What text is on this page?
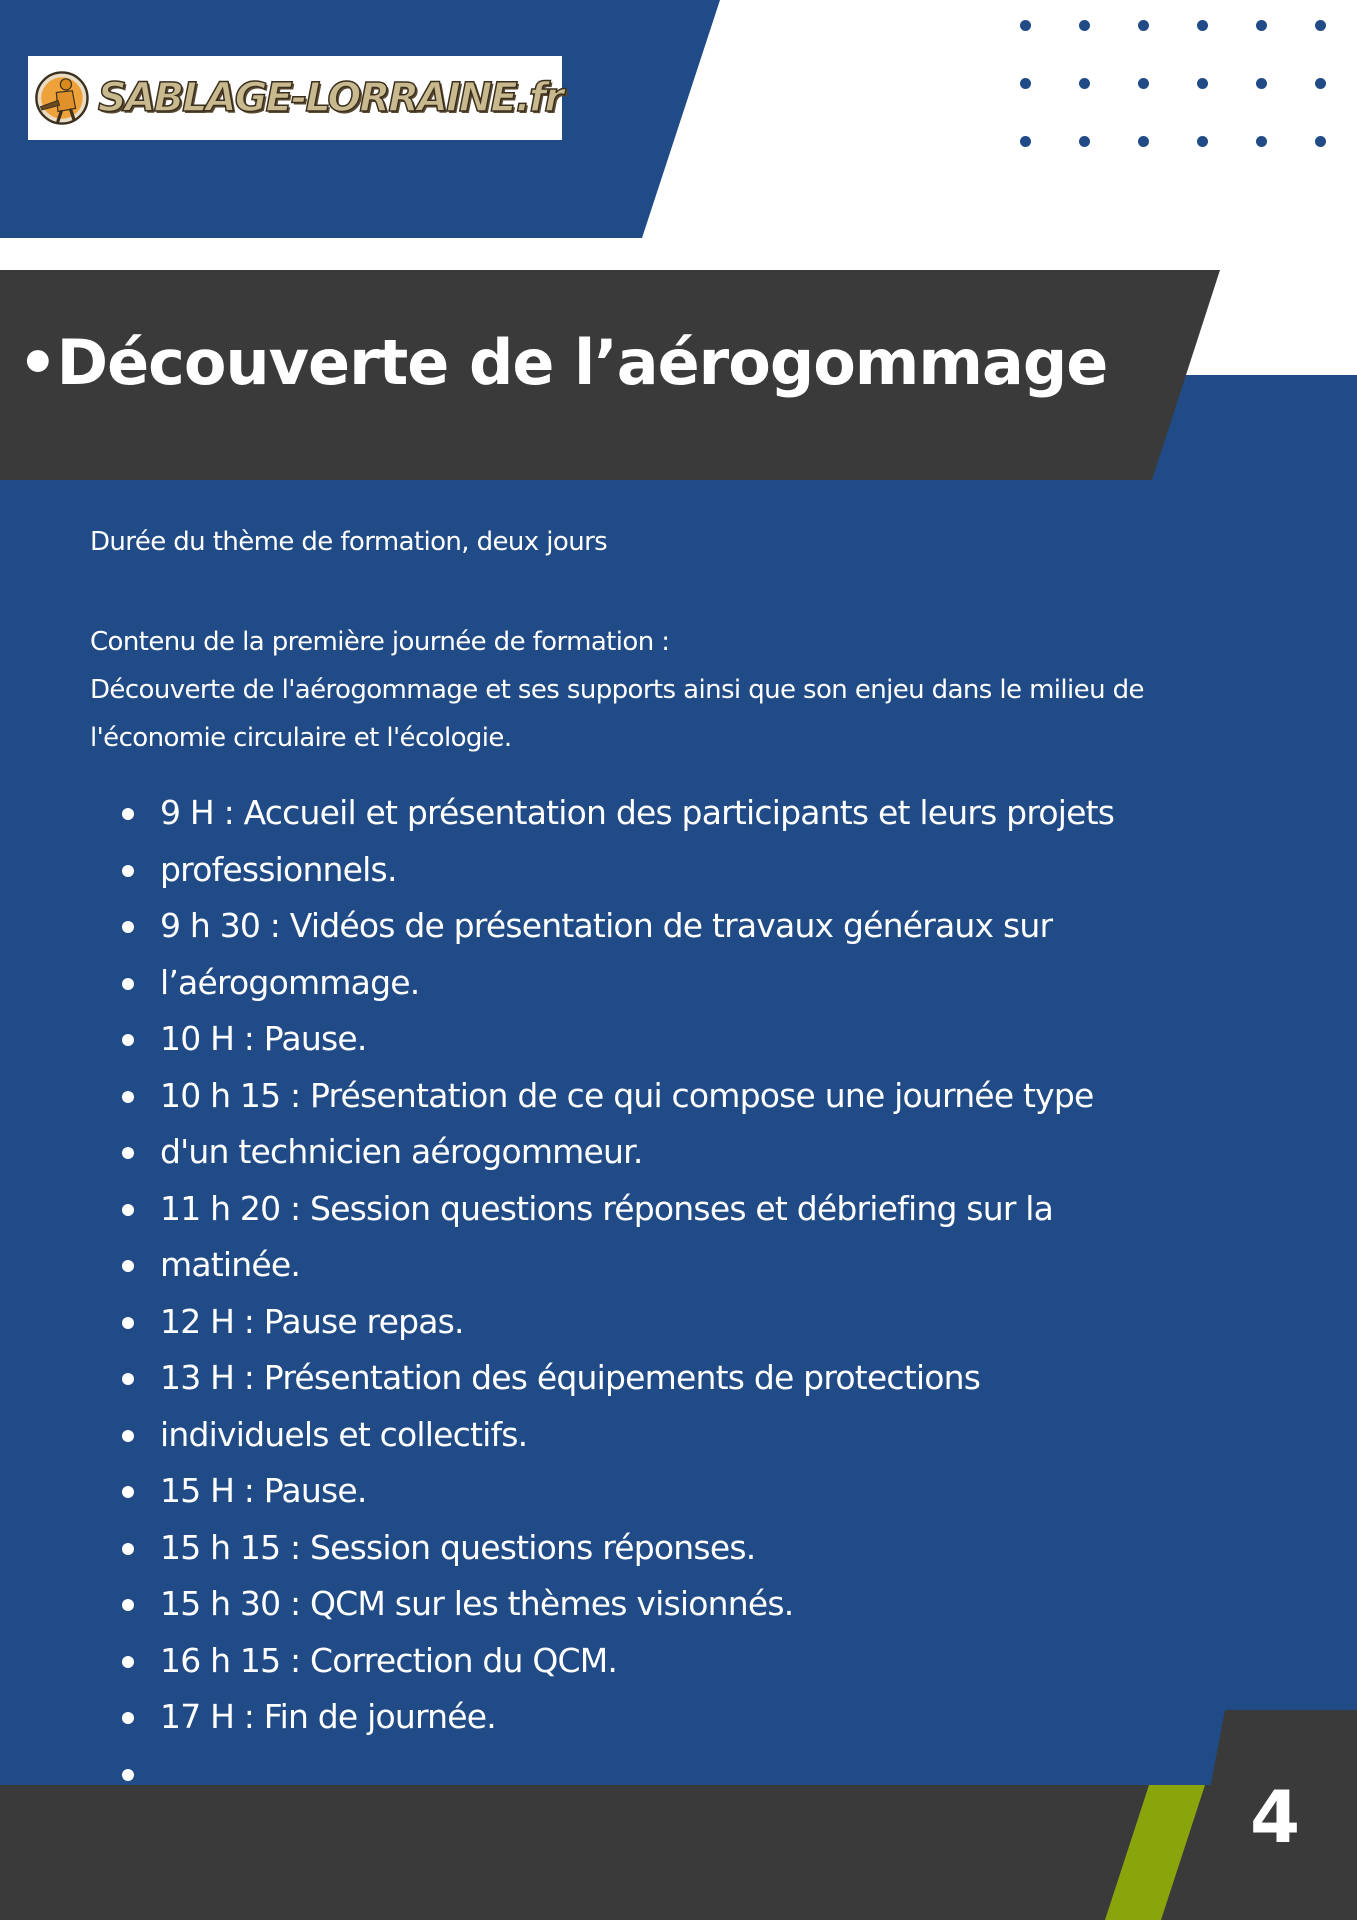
SABLAGE-LORRAINE.fr
•Découverte de l’aérogommage

Durée du thème de formation, deux jours

Contenu de la première journée de formation :

Découverte de l'aérogommage et ses supports ainsi que son enjeu dans le milieu de

l'économie circulaire et l'écologie.

9 H : Accueil et présentation des participants et leurs projets
professionnels.
9 h 30 : Vidéos de présentation de travaux généraux sur
l’aérogommage.
10 H : Pause.
10 h 15 : Présentation de ce qui compose une journée type
d'un technicien aérogommeur.
11 h 20 : Session questions réponses et débriefing sur la
matinée.
12 H : Pause repas.
13 H : Présentation des équipements de protections
individuels et collectifs.
15 H : Pause.
15 h 15 : Session questions réponses.
15 h 30 : QCM sur les thèmes visionnés.
16 h 15 : Correction du QCM.
17 H : Fin de journée.
4
